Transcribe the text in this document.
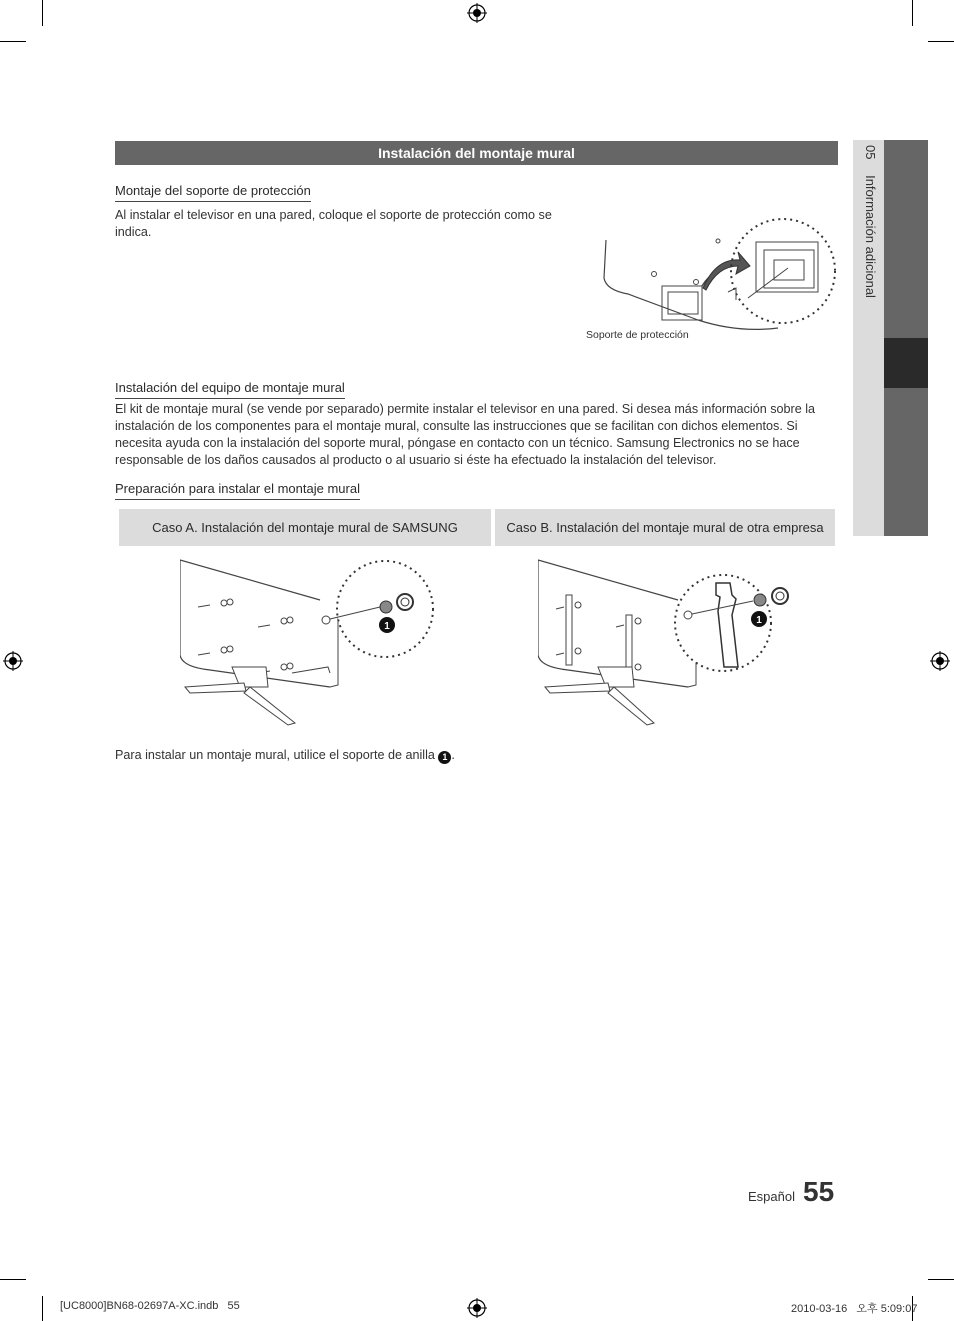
05 Información adicional
Instalación del montaje mural
Montaje del soporte de protección
Al instalar el televisor en una pared, coloque el soporte de protección como se indica.
Soporte de protección
Instalación del equipo de montaje mural
El kit de montaje mural (se vende por separado) permite instalar el televisor en una pared. Si desea más información sobre la instalación de los componentes para el montaje mural, consulte las instrucciones que se facilitan con dichos elementos. Si necesita ayuda con la instalación del soporte mural, póngase en contacto con un técnico. Samsung Electronics no se hace responsable de los daños causados al producto o al usuario si éste ha efectuado la instalación del televisor.
Preparación para instalar el montaje mural
Caso A. Instalación del montaje mural de SAMSUNG	Caso B. Instalación del montaje mural de otra empresa
1
1
Para instalar un montaje mural, utilice el soporte de anilla 1 .
Español 55
[UC8000]BN68-02697A-XC.indb   55	2010-03-16   오후 5:09:07
